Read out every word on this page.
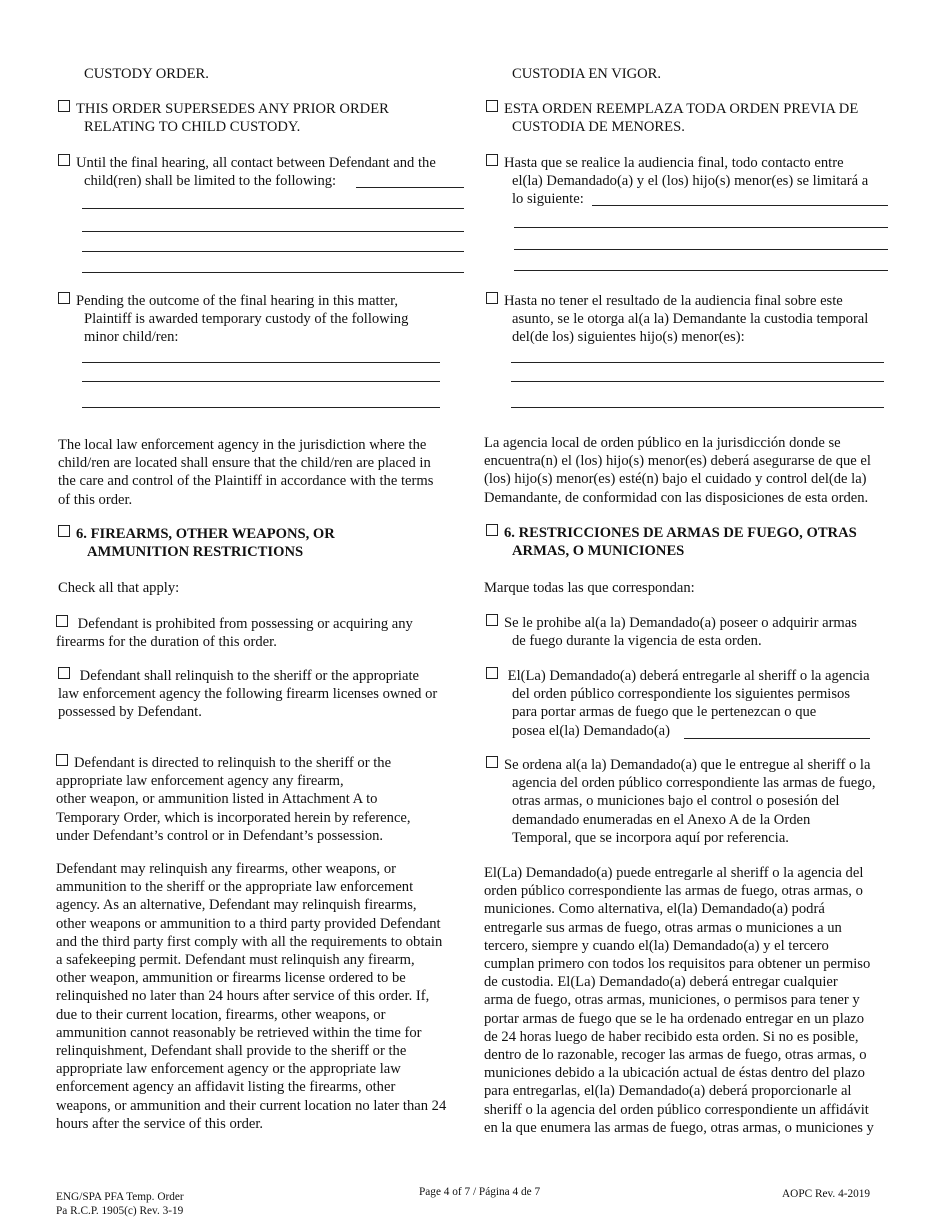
CUSTODY ORDER.
THIS ORDER SUPERSEDES ANY PRIOR ORDER
RELATING TO CHILD CUSTODY.
Until the final hearing, all contact between Defendant and the
child(ren) shall be limited to the following:
Pending the outcome of the final hearing in this matter,
Plaintiff is awarded temporary custody of the following
minor child/ren:
The local law enforcement agency in the jurisdiction where the
child/ren are located shall ensure that the child/ren are placed in
the care and control of the Plaintiff in accordance with the terms
of this order.
6. FIREARMS, OTHER WEAPONS, OR
AMMUNITION RESTRICTIONS
Check all that apply:
Defendant is prohibited from possessing or acquiring any
firearms for the duration of this order.
Defendant shall relinquish to the sheriff or the appropriate
law enforcement agency the following firearm licenses owned or
possessed by Defendant.
Defendant is directed to relinquish to the sheriff or the
appropriate law enforcement agency any firearm,
other weapon, or ammunition listed in Attachment A to
Temporary Order, which is incorporated herein by reference,
under Defendant’s control or in Defendant’s possession.
Defendant may relinquish any firearms, other weapons, or
ammunition to the sheriff or the appropriate law enforcement
agency. As an alternative, Defendant may relinquish firearms,
other weapons or ammunition to a third party provided Defendant
and the third party first comply with all the requirements to obtain
a safekeeping permit. Defendant must relinquish any firearm,
other weapon, ammunition or firearms license ordered to be
relinquished no later than 24 hours after service of this order. If,
due to their current location, firearms, other weapons, or
ammunition cannot reasonably be retrieved within the time for
relinquishment, Defendant shall provide to the sheriff or the
appropriate law enforcement agency or the appropriate law
enforcement agency an affidavit listing the firearms, other
weapons, or ammunition and their current location no later than 24
hours after the service of this order.
CUSTODIA EN VIGOR.
ESTA ORDEN REEMPLAZA TODA ORDEN PREVIA DE
CUSTODIA DE MENORES.
Hasta que se realice la audiencia final, todo contacto entre
el(la) Demandado(a) y el (los) hijo(s) menor(es) se limitará a
lo siguiente:
Hasta no tener el resultado de la audiencia final sobre este
asunto, se le otorga al(a la) Demandante la custodia temporal
del(de los) siguientes hijo(s) menor(es):
La agencia local de orden público en la jurisdicción donde se
encuentra(n) el (los) hijo(s) menor(es) deberá asegurarse de que el
(los) hijo(s) menor(es) esté(n) bajo el cuidado y control del(de la)
Demandante, de conformidad con las disposiciones de esta orden.
6. RESTRICCIONES DE ARMAS DE FUEGO, OTRAS
ARMAS, O MUNICIONES
Marque todas las que correspondan:
Se le prohibe al(a la) Demandado(a) poseer o adquirir armas
de fuego durante la vigencia de esta orden.
El(La) Demandado(a) deberá entregarle al sheriff o la agencia
del orden público correspondiente los siguientes permisos
para portar armas de fuego que le pertenezcan o que
posea el(la) Demandado(a)
Se ordena al(a la) Demandado(a) que le entregue al sheriff o la
agencia del orden público correspondiente las armas de fuego,
otras armas, o municiones bajo el control o posesión del
demandado enumeradas en el Anexo A de la Orden
Temporal, que se incorpora aquí por referencia.
El(La) Demandado(a) puede entregarle al sheriff o la agencia del
orden público correspondiente las armas de fuego, otras armas, o
municiones. Como alternativa, el(la) Demandado(a) podrá
entregarle sus armas de fuego, otras armas o municiones a un
tercero, siempre y cuando el(la) Demandado(a) y el tercero
cumplan primero con todos los requisitos para obtener un permiso
de custodia. El(La) Demandado(a) deberá entregar cualquier
arma de fuego, otras armas, municiones, o permisos para tener y
portar armas de fuego que se le ha ordenado entregar en un plazo
de 24 horas luego de haber recibido esta orden. Si no es posible,
dentro de lo razonable, recoger las armas de fuego, otras armas, o
municiones debido a la ubicación actual de éstas dentro del plazo
para entregarlas, el(la) Demandado(a) deberá proporcionarle al
sheriff o la agencia del orden público correspondiente un affidávit
en la que enumera las armas de fuego, otras armas, o municiones y
ENG/SPA PFA Temp. Order
Pa R.C.P. 1905(c) Rev. 3-19
Page 4 of 7 / Página 4 de 7	AOPC Rev. 4-2019
